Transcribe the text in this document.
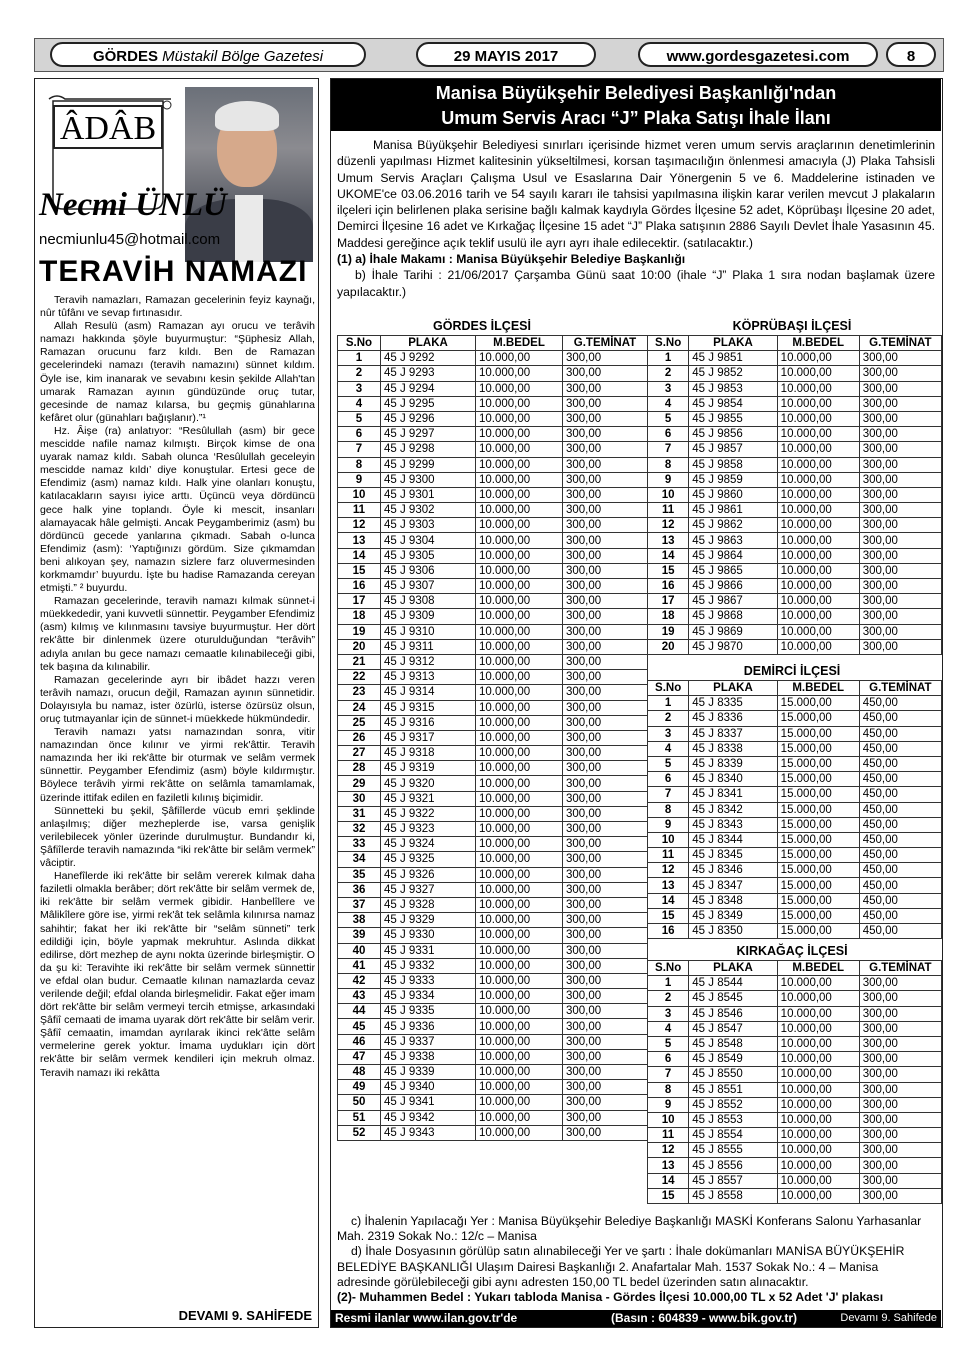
GÖRDES Müstakil Bölge Gazetesi	29 MAYIS 2017	www.gordesgazetesi.com	8
ÂDÂB
Necmi ÜNLÜ
necmiunlu45@hotmail.com
TERAVİH NAMAZI

Teravih namazları, Ramazan gecelerinin feyiz kaynağı, nûr tûfânı ve sevap fırtınasıdır.

Allah Resulü (asm) Ramazan ayı orucu ve terâvih namazı hakkında şöyle buyurmuştur: “Şüphesiz Allah, Ramazan orucunu farz kıldı. Ben de Ramazan gecelerindeki namazı (teravih namazını) sünnet kıldım. Öyle ise, kim inanarak ve sevabını kesin şekilde Allah'tan umarak Ramazan ayının gündüzünde oruç tutar, gecesinde de namaz kılarsa, bu geçmiş günahlarına kefâret olur (günahları bağışlanır).”¹

Hz. Âişe (ra) anlatıyor: “Resûlullah (asm) bir gece mescidde nafile namaz kılmıştı. Birçok kimse de ona uyarak namaz kıldı. Sabah olunca ‘Resûlullah geceleyin mescidde namaz kıldı’ diye konuştular. Ertesi gece de Efendimiz (asm) namaz kıldı. Halk yine olanları konuştu, katılacakların sayısı iyice arttı. Üçüncü veya dördüncü gece halk yine toplandı. Öyle ki mescit, insanları alamayacak hâle gelmişti. Ancak Peygamberimiz (asm) bu dördüncü gecede yanlarına çıkmadı. Sabah o-lunca Efendimiz (asm): ‘Yaptığınızı gördüm. Size çıkmamdan beni alıkoyan şey, namazın sizlere farz oluvermesinden korkmamdır’ buyurdu. İşte bu hadise Ramazanda cereyan etmişti.” ² buyurdu.

Ramazan gecelerinde, teravih namazı kılmak sünnet-i müekkededir, yani kuvvetli sünnettir. Peygamber Efendimiz (asm) kılmış ve kılınmasını tavsiye buyurmuştur. Her dört rek'âtte bir dinlenmek üzere oturulduğundan “terâvih” adıyla anılan bu gece namazı cemaatle kılınabileceği gibi, tek başına da kılınabilir.

Ramazan gecelerinde ayrı bir ibâdet hazzı veren terâvih namazı, orucun değil, Ramazan ayının sünnetidir. Dolayısıyla bu namaz, ister özürlü, isterse özürsüz olsun, oruç tutmayanlar için de sünnet-i müekkede hükmündedir.

Teravih namazı yatsı namazından sonra, vitir namazından önce kılınır ve yirmi rek'âttir. Teravih namazında her iki rek'âtte bir oturmak ve selâm vermek sünnettir. Peygamber Efendimiz (asm) böyle kıldırmıştır. Böylece terâvih yirmi rek'âtte on selâmla tamamlamak, üzerinde ittifak edilen en faziletli kılınış biçimidir.

Sünnetteki bu şekil, Şâfiîlerde vücub emri şeklinde anlaşılmış; diğer mezheplerde ise, varsa genişlik verilebilecek yönler üzerinde durulmuştur. Bundandır ki, Şâfiîlerde teravih namazında “iki rek'âtte bir selâm vermek” vâciptir.

Hanefîlerde iki rek'âtte bir selâm vererek kılmak daha faziletli olmakla berâber; dört rek'âtte bir selâm vermek de, iki rek'âtte bir selâm vermek gibidir. Hanbelîlere ve Mâlikîlere göre ise, yirmi rek'ât tek selâmla kılınırsa namaz sahihtir; fakat her iki rek'âtte bir “selâm sünneti” terk edildiği için, böyle yapmak mekruhtur. Aslında dikkat edilirse, dört mezhep de aynı nokta üzerinde birleşmiştir. O da şu ki: Teravihte iki rek'âtte bir selâm vermek sünnettir ve efdal olan budur. Cemaatle kılınan namazlarda cevaz verilende değil; efdal olanda birleşmelidir. Fakat eğer imam dört rek'âtte bir selâm vermeyi tercih etmişse, arkasındaki Şâfiî cemaati de imama uyarak dört rek'âtte bir selâm verir. Şâfiî cemaatin, imamdan ayrılarak ikinci rek'âtte selâm vermelerine gerek yoktur. İmama uydukları için dört rek'âtte bir selâm vermek kendileri için mekruh olmaz. Teravih namazı iki rekâtta

DEVAMI 9. SAHİFEDE
Manisa Büyükşehir Belediyesi Başkanlığı'ndan
Umum Servis Aracı “J” Plaka Satışı İhale İlanı

Manisa Büyükşehir Belediyesi sınırları içerisinde hizmet veren umum servis araçlarının denetimlerinin düzenli yapılması Hizmet kalitesinin yükseltilmesi, korsan taşımacılığın önlenmesi amacıyla (J) Plaka Tahsisli Umum Servis Araçları Çalışma Usul ve Esaslarına Dair Yönergenin 5 ve 6. Maddelerine istinaden ve UKOME'ce 03.06.2016 tarih ve 54 sayılı kararı ile tahsisi yapılmasına ilişkin karar verilen mevcut J plakaların ilçeleri için belirlenen plaka serisine bağlı kalmak kaydıyla Gördes İlçesine 52 adet, Köprübaşı İlçesine 20 adet, Demirci İlçesine 16 adet ve Kırkağaç İlçesine 15 adet “J” Plaka satışının 2886 Sayılı Devlet İhale Yasasının 45. Maddesi gereğince açık teklif usulü ile ayrı ayrı ihale edilecektir. (satılacaktır.)

(1) a) İhale Makamı : Manisa Büyükşehir Belediye Başkanlığı

b) İhale Tarihi : 21/06/2017 Çarşamba Günü saat 10:00 (ihale “J” Plaka 1 sıra nodan başlamak üzere yapılacaktır.)

GÖRDES İLÇESİ
S.No	PLAKA	M.BEDEL	G.TEMİNAT
1	45 J 9292	10.000,00	300,00
2	45 J 9293	10.000,00	300,00
3	45 J 9294	10.000,00	300,00
4	45 J 9295	10.000,00	300,00
5	45 J 9296	10.000,00	300,00
6	45 J 9297	10.000,00	300,00
7	45 J 9298	10.000,00	300,00
8	45 J 9299	10.000,00	300,00
9	45 J 9300	10.000,00	300,00
10	45 J 9301	10.000,00	300,00
11	45 J 9302	10.000,00	300,00
12	45 J 9303	10.000,00	300,00
13	45 J 9304	10.000,00	300,00
14	45 J 9305	10.000,00	300,00
15	45 J 9306	10.000,00	300,00
16	45 J 9307	10.000,00	300,00
17	45 J 9308	10.000,00	300,00
18	45 J 9309	10.000,00	300,00
19	45 J 9310	10.000,00	300,00
20	45 J 9311	10.000,00	300,00
21	45 J 9312	10.000,00	300,00
22	45 J 9313	10.000,00	300,00
23	45 J 9314	10.000,00	300,00
24	45 J 9315	10.000,00	300,00
25	45 J 9316	10.000,00	300,00
26	45 J 9317	10.000,00	300,00
27	45 J 9318	10.000,00	300,00
28	45 J 9319	10.000,00	300,00
29	45 J 9320	10.000,00	300,00
30	45 J 9321	10.000,00	300,00
31	45 J 9322	10.000,00	300,00
32	45 J 9323	10.000,00	300,00
33	45 J 9324	10.000,00	300,00
34	45 J 9325	10.000,00	300,00
35	45 J 9326	10.000,00	300,00
36	45 J 9327	10.000,00	300,00
37	45 J 9328	10.000,00	300,00
38	45 J 9329	10.000,00	300,00
39	45 J 9330	10.000,00	300,00
40	45 J 9331	10.000,00	300,00
41	45 J 9332	10.000,00	300,00
42	45 J 9333	10.000,00	300,00
43	45 J 9334	10.000,00	300,00
44	45 J 9335	10.000,00	300,00
45	45 J 9336	10.000,00	300,00
46	45 J 9337	10.000,00	300,00
47	45 J 9338	10.000,00	300,00
48	45 J 9339	10.000,00	300,00
49	45 J 9340	10.000,00	300,00
50	45 J 9341	10.000,00	300,00
51	45 J 9342	10.000,00	300,00
52	45 J 9343	10.000,00	300,00
KÖPRÜBAŞI İLÇESİ
S.No	PLAKA	M.BEDEL	G.TEMİNAT
1	45 J 9851	10.000,00	300,00
2	45 J 9852	10.000,00	300,00
3	45 J 9853	10.000,00	300,00
4	45 J 9854	10.000,00	300,00
5	45 J 9855	10.000,00	300,00
6	45 J 9856	10.000,00	300,00
7	45 J 9857	10.000,00	300,00
8	45 J 9858	10.000,00	300,00
9	45 J 9859	10.000,00	300,00
10	45 J 9860	10.000,00	300,00
11	45 J 9861	10.000,00	300,00
12	45 J 9862	10.000,00	300,00
13	45 J 9863	10.000,00	300,00
14	45 J 9864	10.000,00	300,00
15	45 J 9865	10.000,00	300,00
16	45 J 9866	10.000,00	300,00
17	45 J 9867	10.000,00	300,00
18	45 J 9868	10.000,00	300,00
19	45 J 9869	10.000,00	300,00
20	45 J 9870	10.000,00	300,00
DEMİRCİ İLÇESİ
S.No	PLAKA	M.BEDEL	G.TEMİNAT
1	45 J 8335	15.000,00	450,00
2	45 J 8336	15.000,00	450,00
3	45 J 8337	15.000,00	450,00
4	45 J 8338	15.000,00	450,00
5	45 J 8339	15.000,00	450,00
6	45 J 8340	15.000,00	450,00
7	45 J 8341	15.000,00	450,00
8	45 J 8342	15.000,00	450,00
9	45 J 8343	15.000,00	450,00
10	45 J 8344	15.000,00	450,00
11	45 J 8345	15.000,00	450,00
12	45 J 8346	15.000,00	450,00
13	45 J 8347	15.000,00	450,00
14	45 J 8348	15.000,00	450,00
15	45 J 8349	15.000,00	450,00
16	45 J 8350	15.000,00	450,00
KIRKAĞAÇ İLÇESİ
S.No	PLAKA	M.BEDEL	G.TEMİNAT
1	45 J 8544	10.000,00	300,00
2	45 J 8545	10.000,00	300,00
3	45 J 8546	10.000,00	300,00
4	45 J 8547	10.000,00	300,00
5	45 J 8548	10.000,00	300,00
6	45 J 8549	10.000,00	300,00
7	45 J 8550	10.000,00	300,00
8	45 J 8551	10.000,00	300,00
9	45 J 8552	10.000,00	300,00
10	45 J 8553	10.000,00	300,00
11	45 J 8554	10.000,00	300,00
12	45 J 8555	10.000,00	300,00
13	45 J 8556	10.000,00	300,00
14	45 J 8557	10.000,00	300,00
15	45 J 8558	10.000,00	300,00

c) İhalenin Yapılacağı Yer : Manisa Büyükşehir Belediye Başkanlığı MASKİ Konferans Salonu Yarhasanlar Mah. 2319 Sokak No.: 12/c – Manisa

d) İhale Dosyasının görülüp satın alınabileceği Yer ve şartı : İhale dokümanları MANİSA BÜYÜKŞEHİR BELEDİYE BAŞKANLIĞI Ulaşım Dairesi Başkanlığı 2. Anafartalar Mah. 1537 Sokak No.: 4 – Manisa adresinde görülebileceği gibi aynı adresten 150,00 TL bedel üzerinden satın alınacaktır.

(2)- Muhammen Bedel : Yukarı tabloda Manisa - Gördes İlçesi 10.000,00 TL x 52 Adet 'J' plakası

Resmi ilanlar www.ilan.gov.tr'de	(Basın : 604839 - www.bik.gov.tr)	Devamı 9. Sahifede
